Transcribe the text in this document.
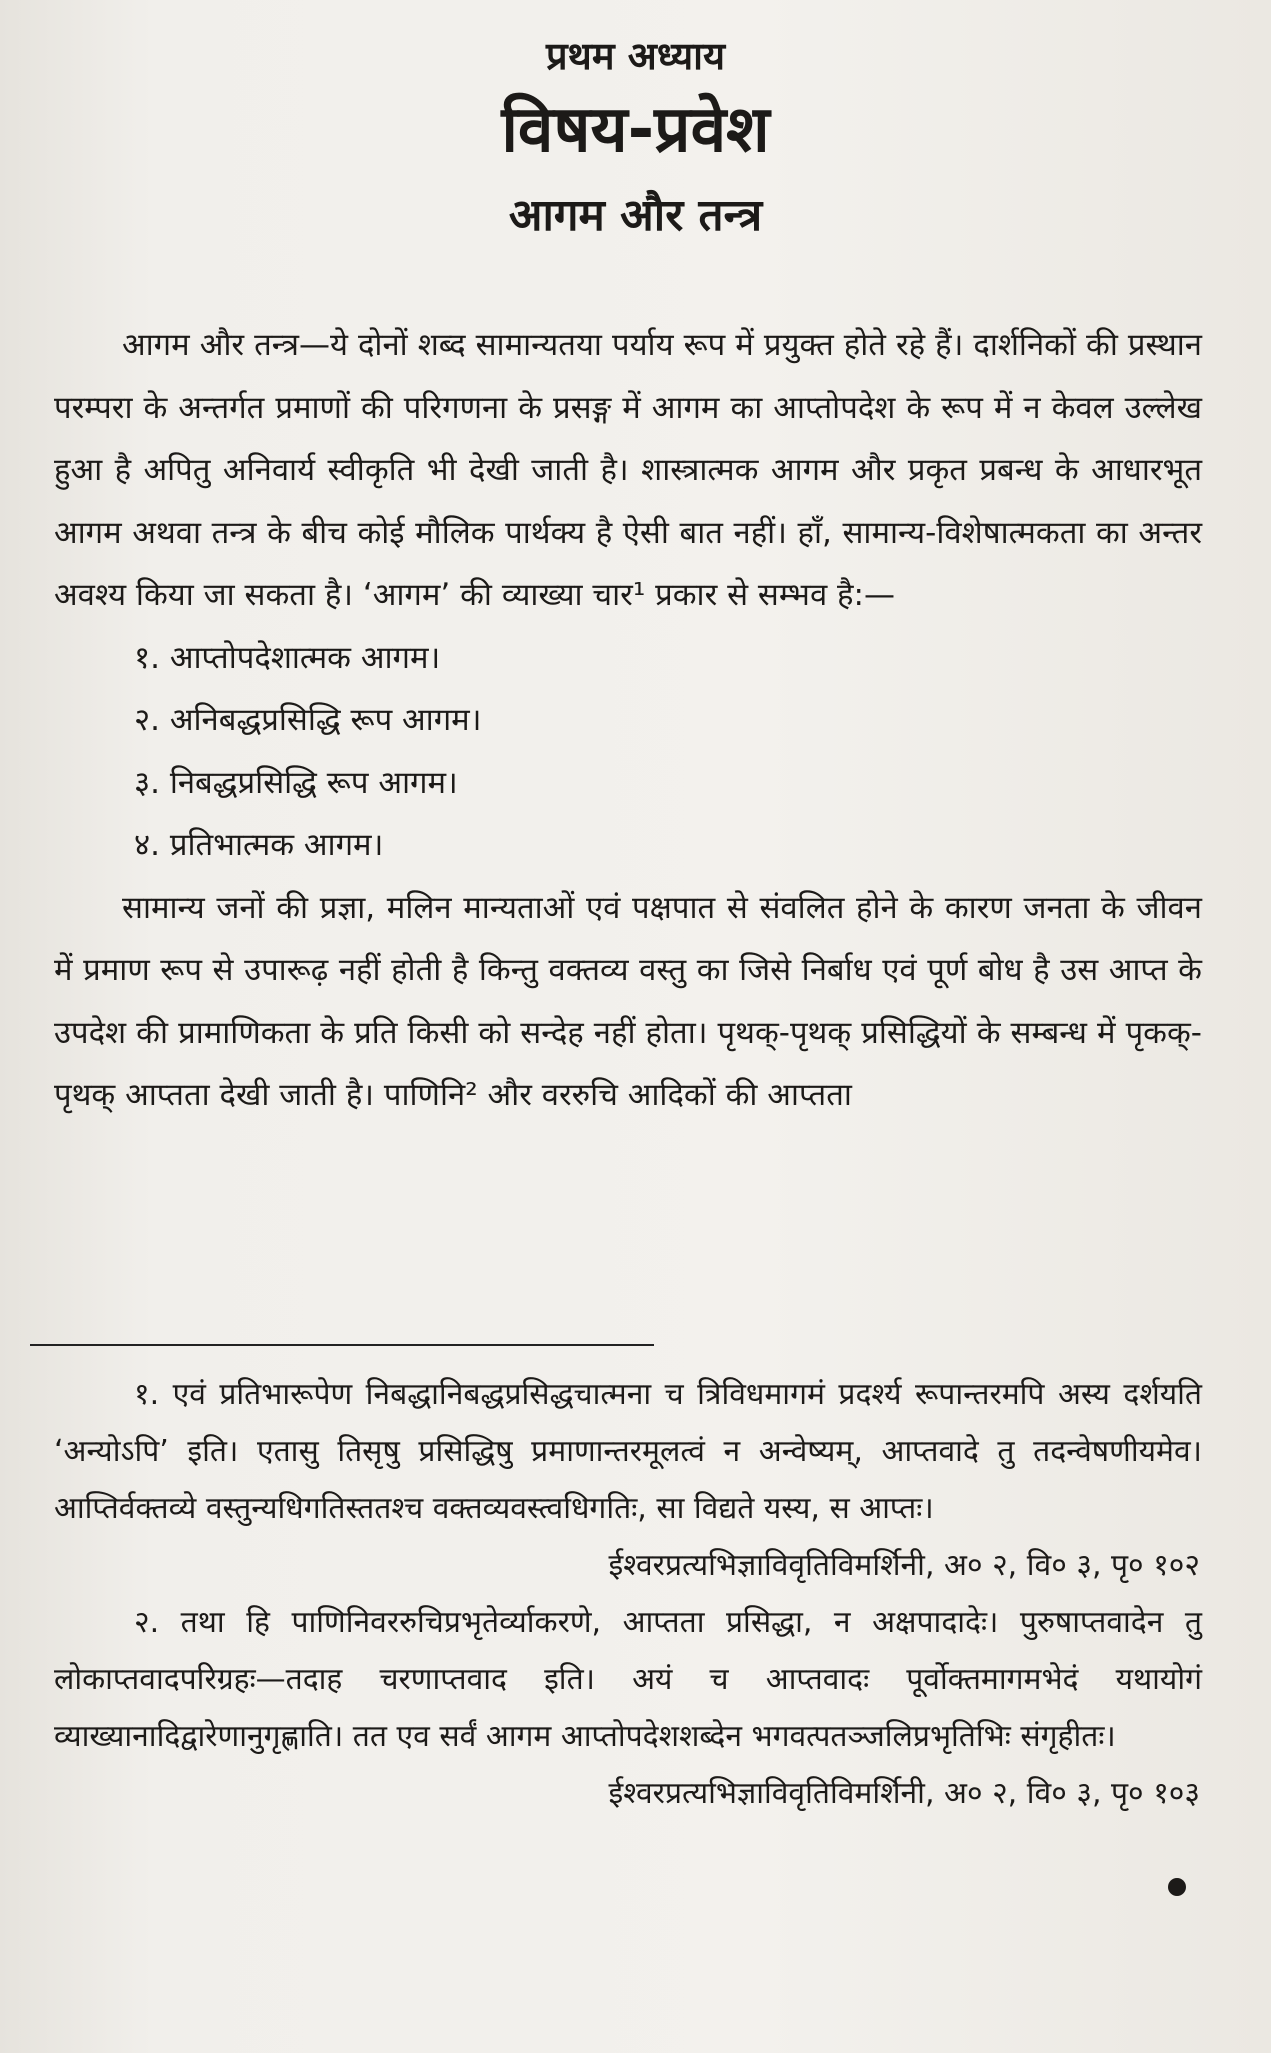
प्रथम अध्याय

विषय-प्रवेश

आगम और तन्त्र

आगम और तन्त्र—ये दोनों शब्द सामान्यतया पर्याय रूप में प्रयुक्त होते रहे हैं। दार्शनिकों की प्रस्थान परम्परा के अन्तर्गत प्रमाणों की परिगणना के प्रसङ्ग में आगम का आप्तोपदेश के रूप में न केवल उल्लेख हुआ है अपितु अनिवार्य स्वीकृति भी देखी जाती है। शास्त्रात्मक आगम और प्रकृत प्रबन्ध के आधारभूत आगम अथवा तन्त्र के बीच कोई मौलिक पार्थक्य है ऐसी बात नहीं। हाँ, सामान्य-विशेषात्मकता का अन्तर अवश्य किया जा सकता है। ‘आगम’ की व्याख्या चार¹ प्रकार से सम्भव है:—

१. आप्तोपदेशात्मक आगम।
२. अनिबद्धप्रसिद्धि रूप आगम।
३. निबद्धप्रसिद्धि रूप आगम।
४. प्रतिभात्मक आगम।

सामान्य जनों की प्रज्ञा, मलिन मान्यताओं एवं पक्षपात से संवलित होने के कारण जनता के जीवन में प्रमाण रूप से उपारूढ़ नहीं होती है किन्तु वक्तव्य वस्तु का जिसे निर्बाध एवं पूर्ण बोध है उस आप्त के उपदेश की प्रामाणिकता के प्रति किसी को सन्देह नहीं होता। पृथक्-पृथक् प्रसिद्धियों के सम्बन्ध में पृकक्-पृथक् आप्तता देखी जाती है। पाणिनि² और वररुचि आदिकों की आप्तता

१. एवं प्रतिभारूपेण निबद्धानिबद्धप्रसिद्धचात्मना च त्रिविधमागमं प्रदर्श्य रूपान्तरमपि अस्य दर्शयति ‘अन्योऽपि’ इति। एतासु तिसृषु प्रसिद्धिषु प्रमाणान्तरमूलत्वं न अन्वेष्यम्, आप्तवादे तु तदन्वेषणीयमेव। आप्तिर्वक्तव्ये वस्तुन्यधिगतिस्ततश्च वक्तव्यवस्त्वधिगतिः, सा विद्यते यस्य, स आप्तः।

ईश्वरप्रत्यभिज्ञाविवृतिविमर्शिनी, अ० २, वि० ३, पृ० १०२

२. तथा हि पाणिनिवररुचिप्रभृतेर्व्याकरणे, आप्तता प्रसिद्धा, न अक्षपादादेः। पुरुषाप्तवादेन तु लोकाप्तवादपरिग्रहः—तदाह चरणाप्तवाद इति। अयं च आप्तवादः पूर्वोक्तमागमभेदं यथायोगं व्याख्यानादिद्वारेणानुगृह्णाति। तत एव सर्वं आगम आप्तोपदेशशब्देन भगवत्पतञ्जलिप्रभृतिभिः संगृहीतः।

ईश्वरप्रत्यभिज्ञाविवृतिविमर्शिनी, अ० २, वि० ३, पृ० १०३
